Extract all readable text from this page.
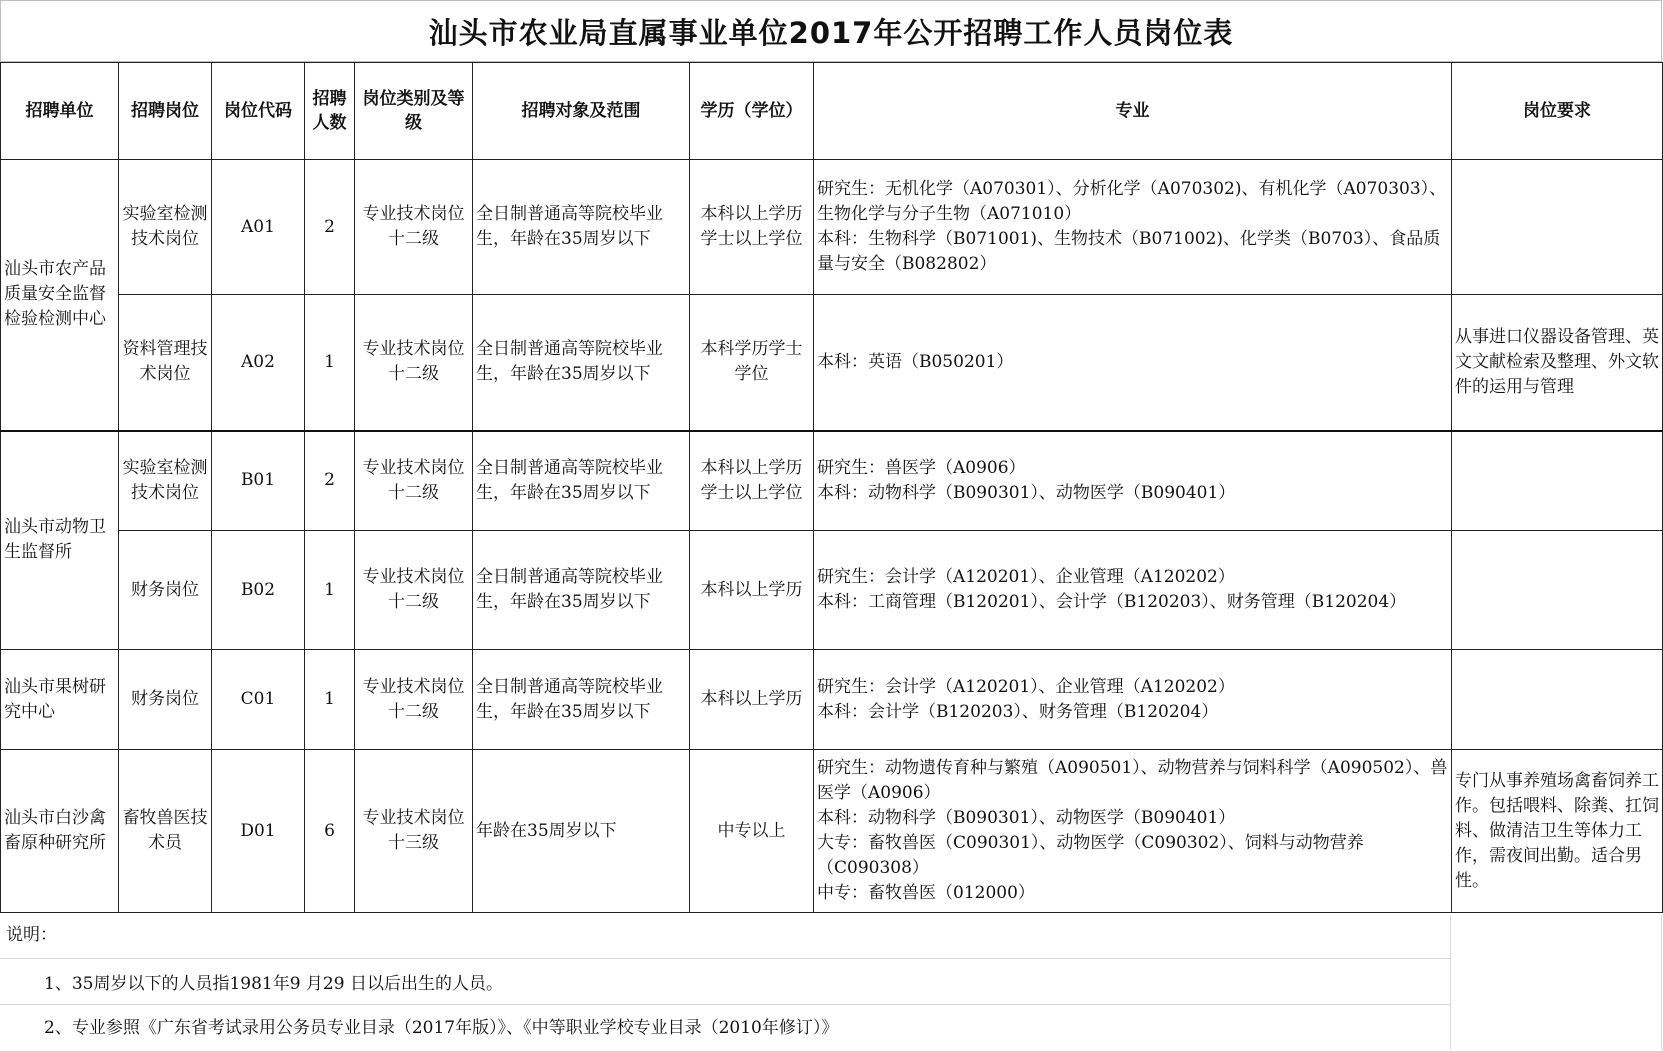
汕头市农业局直属事业单位2017年公开招聘工作人员岗位表
招聘单位	招聘岗位	岗位代码	招聘人数	岗位类别及等级	招聘对象及范围	学历（学位）	专业	岗位要求
汕头市农产品质量安全监督检验检测中心	实验室检测技术岗位	A01	2	专业技术岗位十二级	全日制普通高等院校毕业生，年龄在35周岁以下	本科以上学历学士以上学位	研究生：无机化学（A070301）、分析化学（A070302)、有机化学（A070303）、生物化学与分子生物（A071010）
本科：生物科学（B071001)、生物技术（B071002)、化学类（B0703）、食品质量与安全（B082802）	

	资料管理技术岗位	A02	1	专业技术岗位十二级	全日制普通高等院校毕业生，年龄在35周岁以下	本科学历学士学位	本科：英语（B050201）	从事进口仪器设备管理、英文文献检索及整理、外文软件的运用与管理
汕头市动物卫生监督所	实验室检测技术岗位	B01	2	专业技术岗位十二级	全日制普通高等院校毕业生，年龄在35周岁以下	本科以上学历学士以上学位	研究生：兽医学（A0906）
本科：动物科学（B090301）、动物医学（B090401）	

	财务岗位	B02	1	专业技术岗位十二级	全日制普通高等院校毕业生，年龄在35周岁以下	本科以上学历	研究生：会计学（A120201）、企业管理（A120202）
本科：工商管理（B120201）、会计学（B120203）、财务管理（B120204）	

汕头市果树研究中心	财务岗位	C01	1	专业技术岗位十二级	全日制普通高等院校毕业生，年龄在35周岁以下	本科以上学历	研究生：会计学（A120201）、企业管理（A120202）
本科：会计学（B120203）、财务管理（B120204）	

汕头市白沙禽畜原种研究所	畜牧兽医技术员	D01	6	专业技术岗位十三级	年龄在35周岁以下	中专以上	研究生：动物遗传育种与繁殖（A090501）、动物营养与饲料科学（A090502）、兽医学（A0906）
本科：动物科学（B090301）、动物医学（B090401）
大专：畜牧兽医（C090301）、动物医学（C090302）、饲料与动物营养（C090308）
中专：畜牧兽医（012000）	专门从事养殖场禽畜饲养工作。包括喂料、除粪、扛饲料、做清洁卫生等体力工作，需夜间出勤。适合男性。
说明：
1、35周岁以下的人员指1981年9 月29 日以后出生的人员。
2、专业参照《广东省考试录用公务员专业目录（2017年版）》、《中等职业学校专业目录（2010年修订）》
